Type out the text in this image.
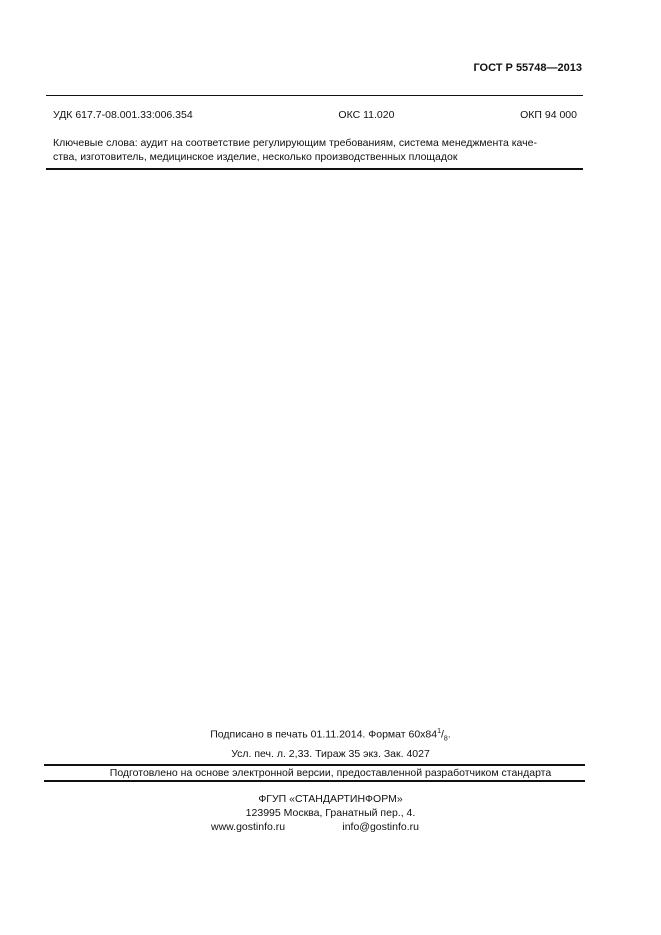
ГОСТ Р 55748—2013
УДК 617.7-08.001.33:006.354	ОКС 11.020	ОКП 94 000
Ключевые слова: аудит на соответствие регулирующим требованиям, система менеджмента каче-
ства, изготовитель, медицинское изделие, несколько производственных площадок
Подписано в печать 01.11.2014. Формат $60х84^1/_8$.
Усл. печ. л. 2,33. Тираж 35 экз. Зак. 4027
Подготовлено на основе электронной версии, предоставленной разработчиком стандарта
ФГУП «СТАНДАРТИНФОРМ»
123995 Москва, Гранатный пер., 4.
www.gostinfo.ru	info@gostinfo.ru
